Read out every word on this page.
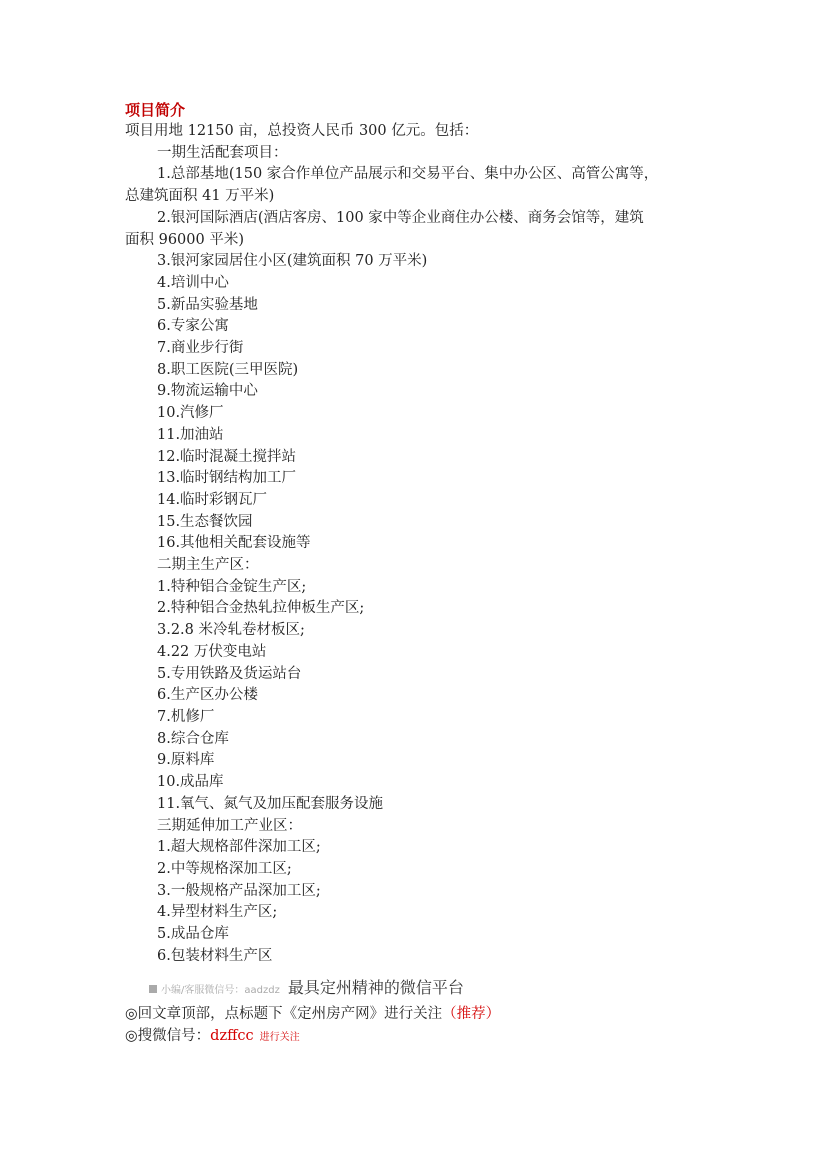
项目简介
项目用地 12150 亩，总投资人民币 300 亿元。包括：
一期生活配套项目：
1.总部基地(150 家合作单位产品展示和交易平台、集中办公区、高管公寓等，
总建筑面积 41 万平米)
2.银河国际酒店(酒店客房、100 家中等企业商住办公楼、商务会馆等，建筑
面积 96000 平米)
3.银河家园居住小区(建筑面积 70 万平米)
4.培训中心
5.新品实验基地
6.专家公寓
7.商业步行街
8.职工医院(三甲医院)
9.物流运输中心
10.汽修厂
11.加油站
12.临时混凝土搅拌站
13.临时钢结构加工厂
14.临时彩钢瓦厂
15.生态餐饮园
16.其他相关配套设施等
二期主生产区：
1.特种铝合金锭生产区;
2.特种铝合金热轧拉伸板生产区;
3.2.8 米冷轧卷材板区;
4.22 万伏变电站
5.专用铁路及货运站台
6.生产区办公楼
7.机修厂
8.综合仓库
9.原料库
10.成品库
11.氧气、氮气及加压配套服务设施
三期延伸加工产业区：
1.超大规格部件深加工区;
2.中等规格深加工区;
3.一般规格产品深加工区;
4.异型材料生产区;
5.成品仓库
6.包装材料生产区
小编/客服微信号：aadzdz 最具定州精神的微信平台
◎回文章顶部，点标题下《定州房产网》进行关注（推荐）
◎搜微信号：dzffcc 进行关注
